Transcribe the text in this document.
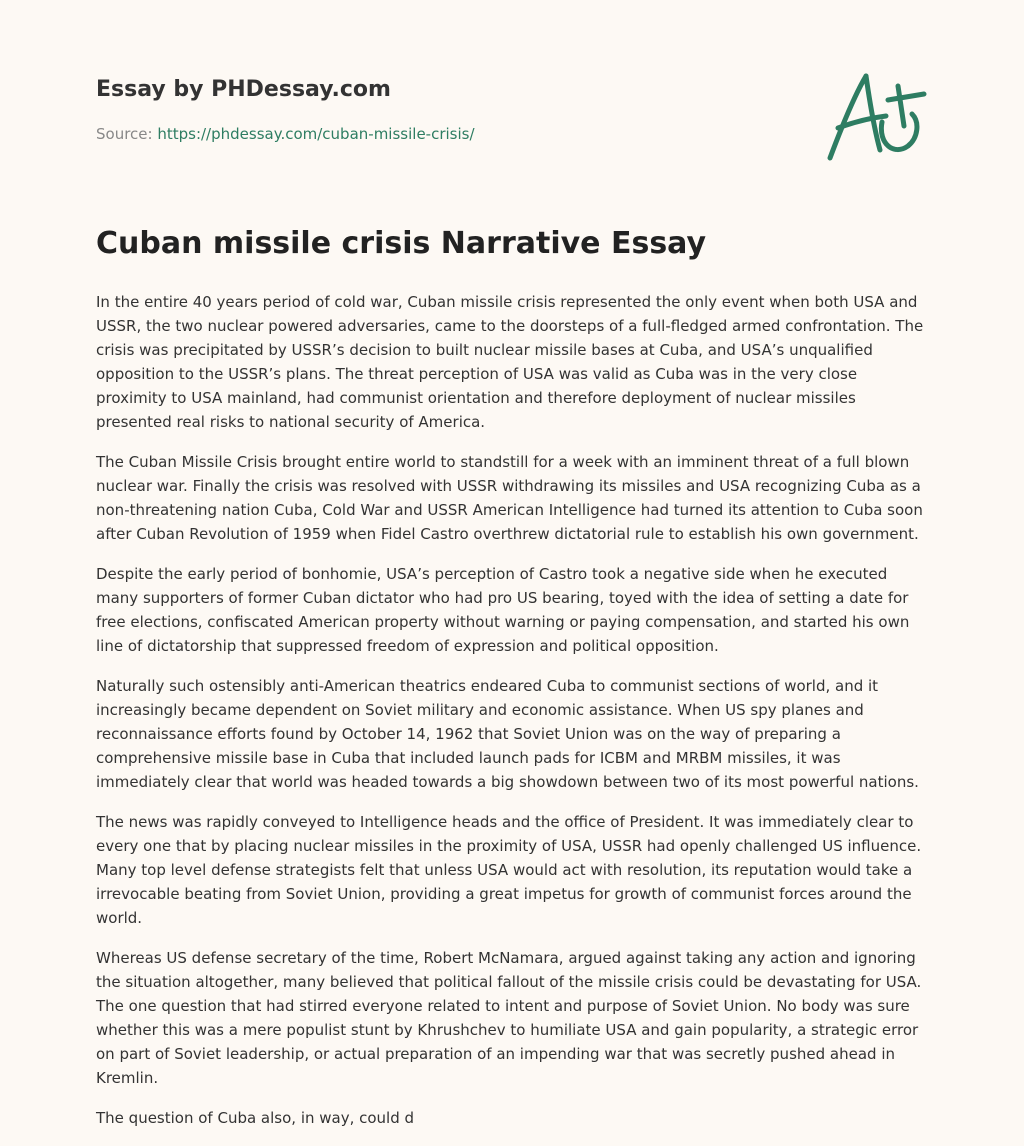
Essay by PHDessay.com
Source: https://phdessay.com/cuban-missile-crisis/
Cuban missile crisis Narrative Essay

In the entire 40 years period of cold war, Cuban missile crisis represented the only event when both USA and USSR, the two nuclear powered adversaries, came to the doorsteps of a full-fledged armed confrontation. The crisis was precipitated by USSR’s decision to built nuclear missile bases at Cuba, and USA’s unqualified opposition to the USSR’s plans. The threat perception of USA was valid as Cuba was in the very close proximity to USA mainland, had communist orientation and therefore deployment of nuclear missiles presented real risks to national security of America.

The Cuban Missile Crisis brought entire world to standstill for a week with an imminent threat of a full blown nuclear war. Finally the crisis was resolved with USSR withdrawing its missiles and USA recognizing Cuba as a non-threatening nation Cuba, Cold War and USSR American Intelligence had turned its attention to Cuba soon after Cuban Revolution of 1959 when Fidel Castro overthrew dictatorial rule to establish his own government.

Despite the early period of bonhomie, USA’s perception of Castro took a negative side when he executed many supporters of former Cuban dictator who had pro US bearing, toyed with the idea of setting a date for free elections, confiscated American property without warning or paying compensation, and started his own line of dictatorship that suppressed freedom of expression and political opposition.

Naturally such ostensibly anti-American theatrics endeared Cuba to communist sections of world, and it increasingly became dependent on Soviet military and economic assistance. When US spy planes and reconnaissance efforts found by October 14, 1962 that Soviet Union was on the way of preparing a comprehensive missile base in Cuba that included launch pads for ICBM and MRBM missiles, it was immediately clear that world was headed towards a big showdown between two of its most powerful nations.

The news was rapidly conveyed to Intelligence heads and the office of President. It was immediately clear to every one that by placing nuclear missiles in the proximity of USA, USSR had openly challenged US influence. Many top level defense strategists felt that unless USA would act with resolution, its reputation would take a irrevocable beating from Soviet Union, providing a great impetus for growth of communist forces around the world.

Whereas US defense secretary of the time, Robert McNamara, argued against taking any action and ignoring the situation altogether, many believed that political fallout of the missile crisis could be devastating for USA. The one question that had stirred everyone related to intent and purpose of Soviet Union. No body was sure whether this was a mere populist stunt by Khrushchev to humiliate USA and gain popularity, a strategic error on part of Soviet leadership, or actual preparation of an impending war that was secretly pushed ahead in Kremlin.

The question of Cuba also, in way, could d
